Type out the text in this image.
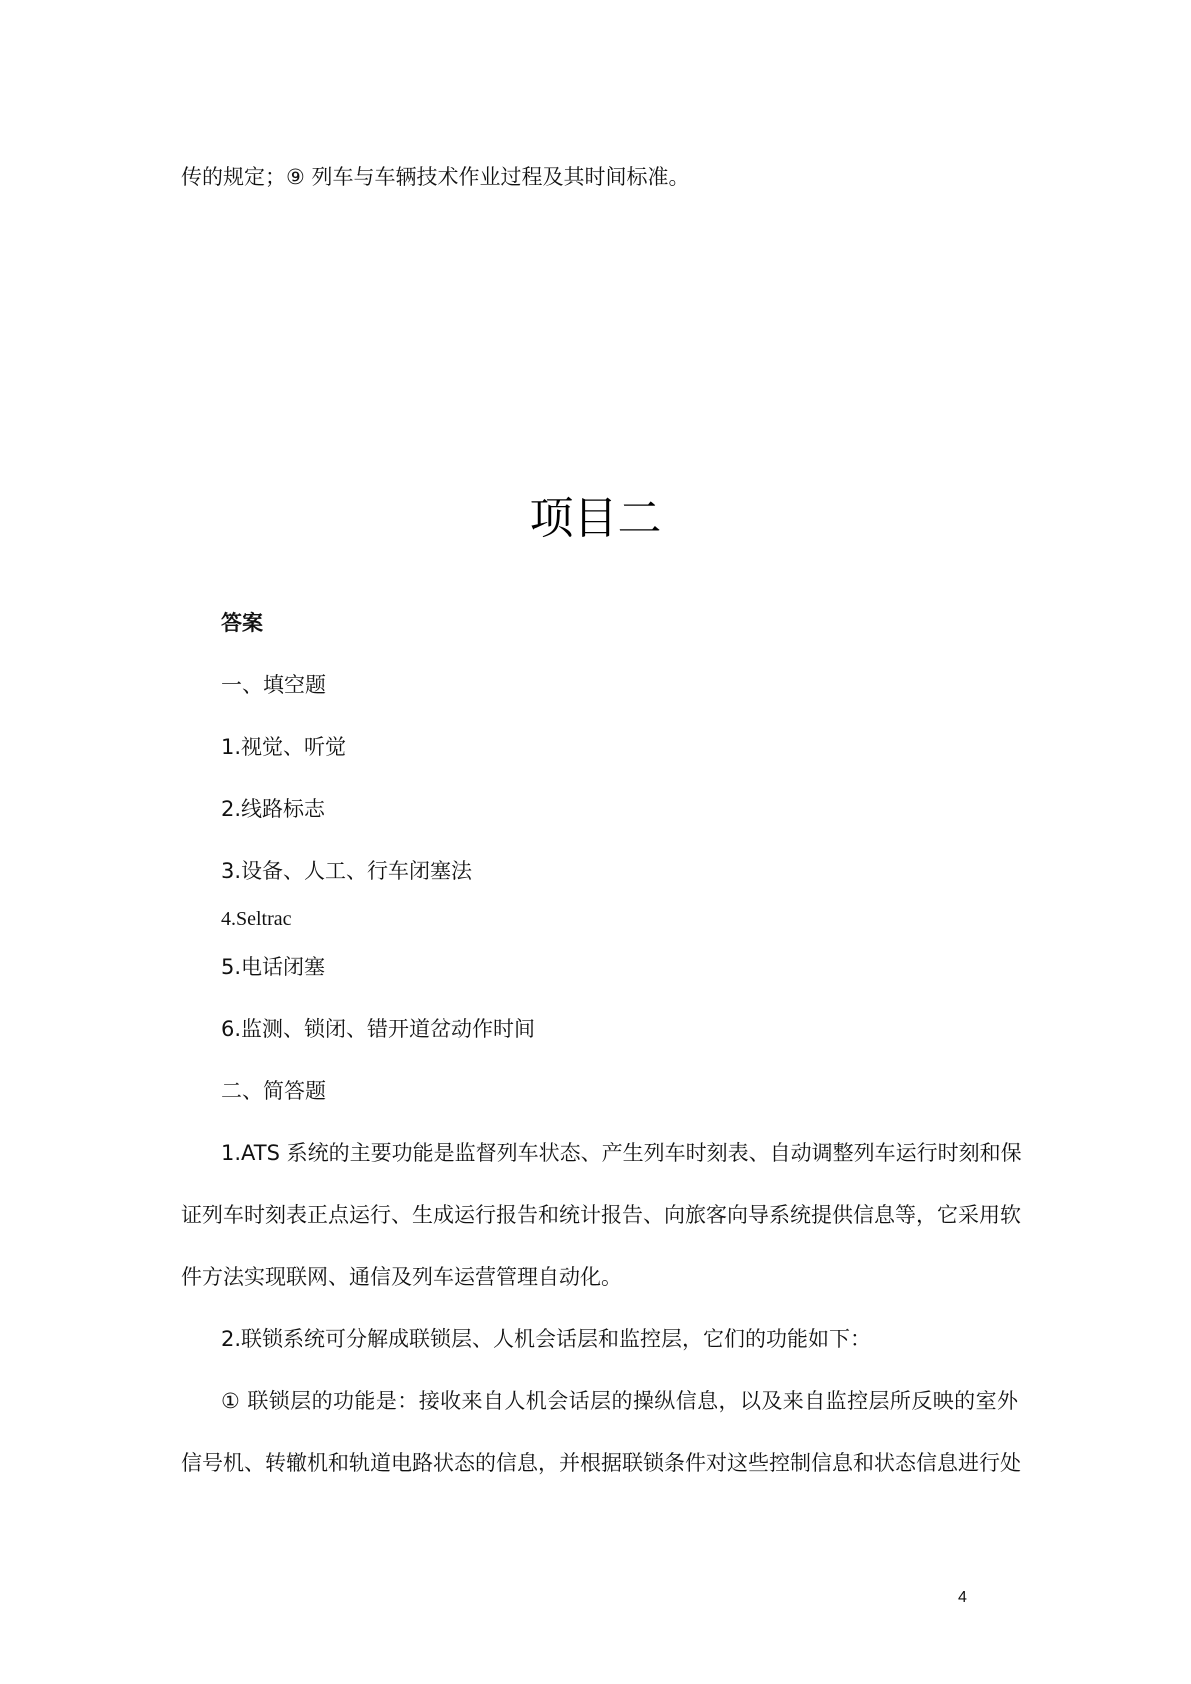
传的规定；⑨ 列车与车辆技术作业过程及其时间标准。
项目二
答案
一、填空题
1.视觉、听觉
2.线路标志
3.设备、人工、行车闭塞法
4.Seltrac
5.电话闭塞
6.监测、锁闭、错开道岔动作时间
二、简答题
1.ATS 系统的主要功能是监督列车状态、产生列车时刻表、自动调整列车运行时刻和保
证列车时刻表正点运行、生成运行报告和统计报告、向旅客向导系统提供信息等，它采用软
件方法实现联网、通信及列车运营管理自动化。
2.联锁系统可分解成联锁层、人机会话层和监控层，它们的功能如下：
① 联锁层的功能是：接收来自人机会话层的操纵信息，以及来自监控层所反映的室外
信号机、转辙机和轨道电路状态的信息，并根据联锁条件对这些控制信息和状态信息进行处
4
